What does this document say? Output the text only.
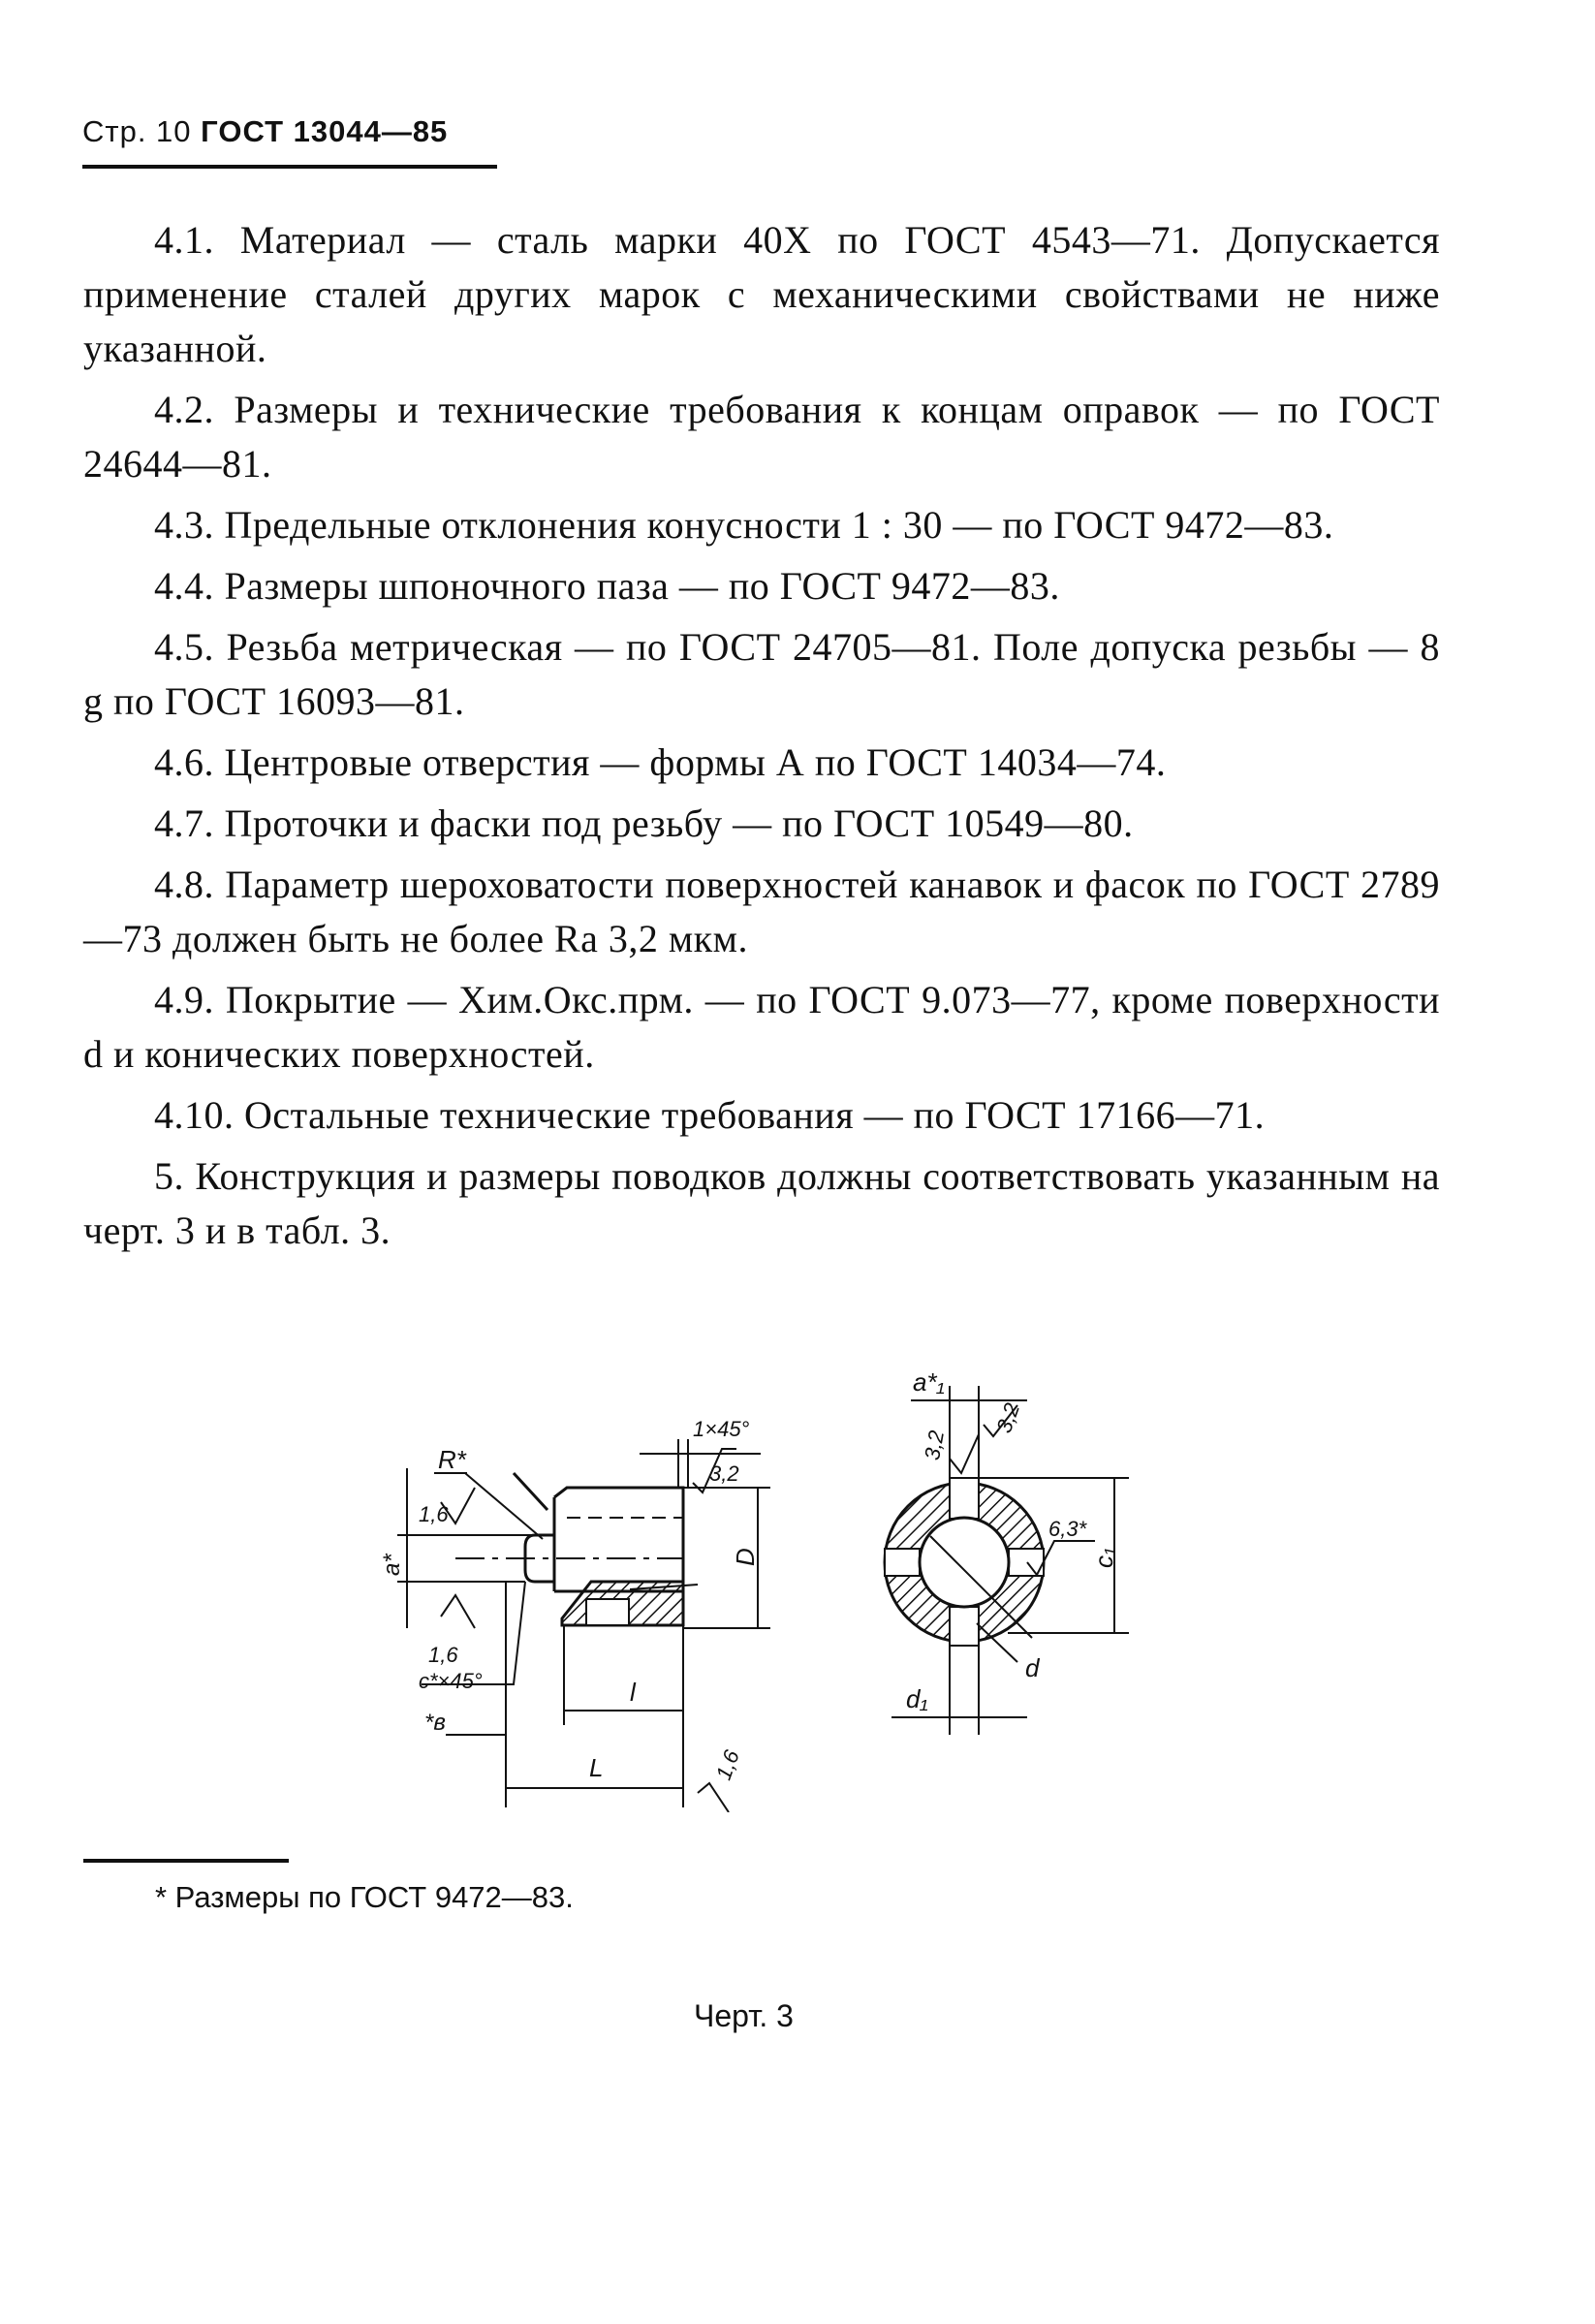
Стр. 10 ГОСТ 13044—85

4.1. Материал — сталь марки 40Х по ГОСТ 4543—71. Допускается применение сталей других марок с механическими свойствами не ниже указанной.

4.2. Размеры и технические требования к концам оправок — по ГОСТ 24644—81.

4.3. Предельные отклонения конусности 1 : 30 — по ГОСТ 9472—83.

4.4. Размеры шпоночного паза — по ГОСТ 9472—83.

4.5. Резьба метрическая — по ГОСТ 24705—81. Поле допуска резьбы — 8 g по ГОСТ 16093—81.

4.6. Центровые отверстия — формы А по ГОСТ 14034—74.

4.7. Проточки и фаски под резьбу — по ГОСТ 10549—80.

4.8. Параметр шероховатости поверхностей канавок и фасок по ГОСТ 2789—73 должен быть не более Ra 3,2 мкм.

4.9. Покрытие — Хим.Окс.прм. — по ГОСТ 9.073—77, кроме поверхности d и конических поверхностей.

4.10. Остальные технические требования — по ГОСТ 17166—71.

5. Конструкция и размеры поводков должны соответствовать указанным на черт. 3 и в табл. 3.

R*
1×45°
3,2
1,6
a*
1,6
c*×45°
*в
D
l
L	1,6
a*₁
3,2
3,2
6,3*
c₁
d
d₁
* Размеры по ГОСТ 9472—83.
Черт. 3
